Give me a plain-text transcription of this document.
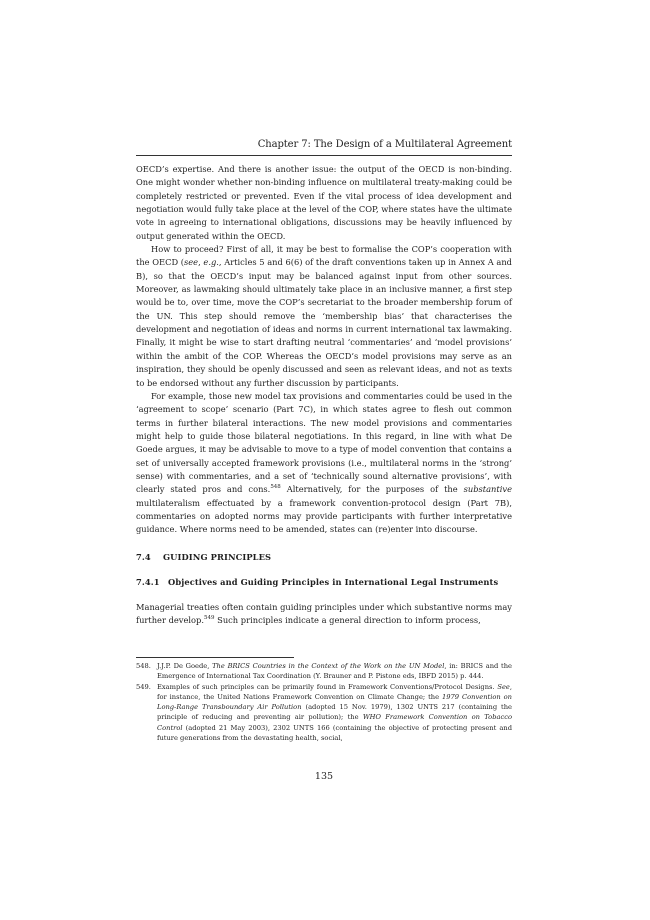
Chapter 7: The Design of a Multilateral Agreement

OECD’s expertise. And there is another issue: the output of the OECD is non-binding. One might wonder whether non-binding influence on multilateral treaty-making could be completely restricted or prevented. Even if the vital process of idea development and negotiation would fully take place at the level of the COP, where states have the ultimate vote in agreeing to international obligations, discussions may be heavily influenced by output generated within the OECD.

How to proceed? First of all, it may be best to formalise the COP’s cooperation with the OECD (see, e.g., Articles 5 and 6(6) of the draft conventions taken up in Annex A and B), so that the OECD’s input may be balanced against input from other sources. Moreover, as lawmaking should ultimately take place in an inclusive manner, a first step would be to, over time, move the COP’s secretariat to the broader membership forum of the UN. This step should remove the ‘membership bias’ that characterises the development and negotiation of ideas and norms in current international tax lawmaking. Finally, it might be wise to start drafting neutral ‘commentaries’ and ‘model provisions’ within the ambit of the COP. Whereas the OECD’s model provisions may serve as an inspiration, they should be openly discussed and seen as relevant ideas, and not as texts to be endorsed without any further discussion by participants.

For example, those new model tax provisions and commentaries could be used in the ‘agreement to scope’ scenario (Part 7C), in which states agree to flesh out common terms in further bilateral interactions. The new model provisions and commentaries might help to guide those bilateral negotiations. In this regard, in line with what De Goede argues, it may be advisable to move to a type of model convention that contains a set of universally accepted framework provisions (i.e., multilateral norms in the ‘strong’ sense) with commentaries, and a set of ‘technically sound alternative provisions’, with clearly stated pros and cons.$^{548}$ Alternatively, for the purposes of the substantive multilateralism effectuated by a framework convention-protocol design (Part 7B), commentaries on adopted norms may provide participants with further interpretative guidance. Where norms need to be amended, states can (re)enter into discourse.

7.4 GUIDING PRINCIPLES
7.4.1 Objectives and Guiding Principles in International Legal Instruments

Managerial treaties often contain guiding principles under which substantive norms may further develop.$^{549}$ Such principles indicate a general direction to inform process,

548. J.J.P. De Goede, The BRICS Countries in the Context of the Work on the UN Model, in: BRICS and the Emergence of International Tax Coordination (Y. Brauner and P. Pistone eds, IBFD 2015) p. 444.
549. Examples of such principles can be primarily found in Framework Conventions/Protocol Designs. See, for instance, the United Nations Framework Convention on Climate Change; the 1979 Convention on Long-Range Transboundary Air Pollution (adopted 15 Nov. 1979), 1302 UNTS 217 (containing the principle of reducing and preventing air pollution); the WHO Framework Convention on Tobacco Control (adopted 21 May 2003), 2302 UNTS 166 (containing the objective of protecting present and future generations from the devastating health, social,
135
